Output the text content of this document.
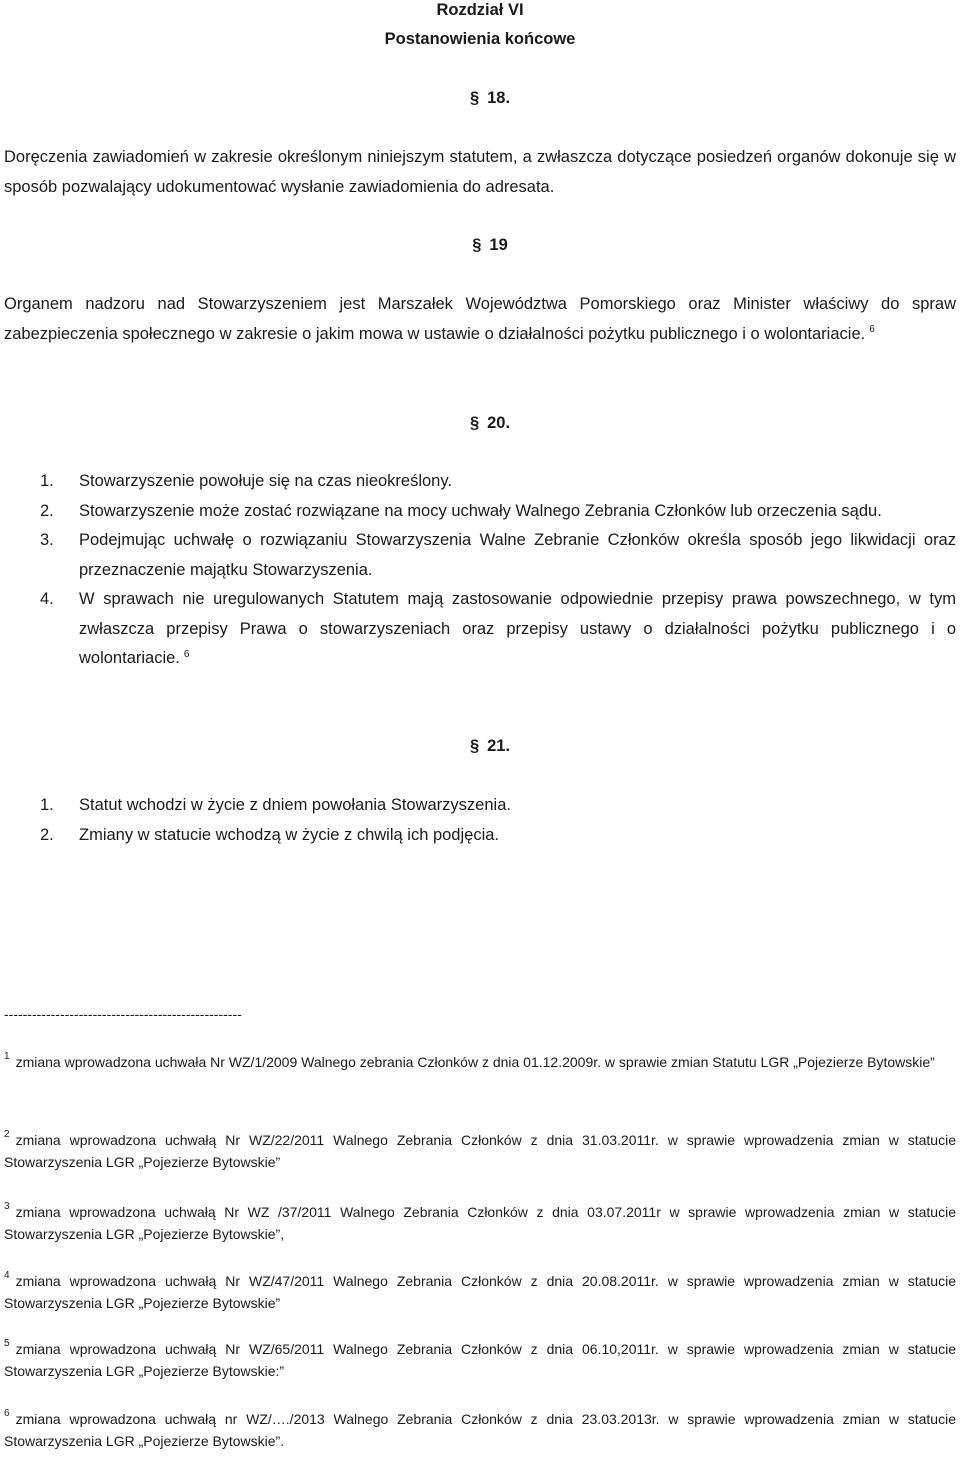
Rozdział VI
Postanowienia końcowe
§ 18.
Doręczenia zawiadomień w zakresie określonym niniejszym statutem, a zwłaszcza dotyczące posiedzeń organów dokonuje się w sposób pozwalający udokumentować wysłanie zawiadomienia do adresata.
§ 19
Organem nadzoru nad Stowarzyszeniem jest Marszałek Województwa Pomorskiego oraz Minister właściwy do spraw zabezpieczenia społecznego w zakresie o jakim mowa w ustawie o działalności pożytku publicznego i o wolontariacie. $^6$
§ 20.
1. Stowarzyszenie powołuje się na czas nieokreślony.
2. Stowarzyszenie może zostać rozwiązane na mocy uchwały Walnego Zebrania Członków lub orzeczenia sądu.
3. Podejmując uchwałę o rozwiązaniu Stowarzyszenia Walne Zebranie Członków określa sposób jego likwidacji oraz przeznaczenie majątku Stowarzyszenia.
4. W sprawach nie uregulowanych Statutem mają zastosowanie odpowiednie przepisy prawa powszechnego, w tym zwłaszcza przepisy Prawa o stowarzyszeniach oraz przepisy ustawy o działalności pożytku publicznego i o wolontariacie. $^6$
§ 21.
1. Statut wchodzi w życie z dniem powołania Stowarzyszenia.
2. Zmiany w statucie wchodzą w życie z chwilą ich podjęcia.
---------------------------------------------------
$^1$ zmiana wprowadzona uchwała Nr WZ/1/2009 Walnego zebrania Członków z dnia 01.12.2009r. w sprawie zmian Statutu LGR „Pojezierze Bytowskie”
$^2$ zmiana wprowadzona uchwałą Nr WZ/22/2011 Walnego Zebrania Członków z dnia 31.03.2011r. w sprawie wprowadzenia zmian w statucie Stowarzyszenia LGR „Pojezierze Bytowskie”
$^3$ zmiana wprowadzona uchwałą Nr WZ /37/2011 Walnego Zebrania Członków z dnia 03.07.2011r w sprawie wprowadzenia zmian w statucie Stowarzyszenia LGR „Pojezierze Bytowskie”,
$^4$ zmiana wprowadzona uchwałą Nr WZ/47/2011 Walnego Zebrania Członków z dnia 20.08.2011r. w sprawie wprowadzenia zmian w statucie Stowarzyszenia LGR „Pojezierze Bytowskie”
$^5$ zmiana wprowadzona uchwałą Nr WZ/65/2011 Walnego Zebrania Członków z dnia 06.10,2011r. w sprawie wprowadzenia zmian w statucie Stowarzyszenia LGR „Pojezierze Bytowskie:”
$^6$ zmiana wprowadzona uchwałą nr WZ/…./2013 Walnego Zebrania Członków z dnia 23.03.2013r. w sprawie wprowadzenia zmian w statucie Stowarzyszenia LGR „Pojezierze Bytowskie”.
